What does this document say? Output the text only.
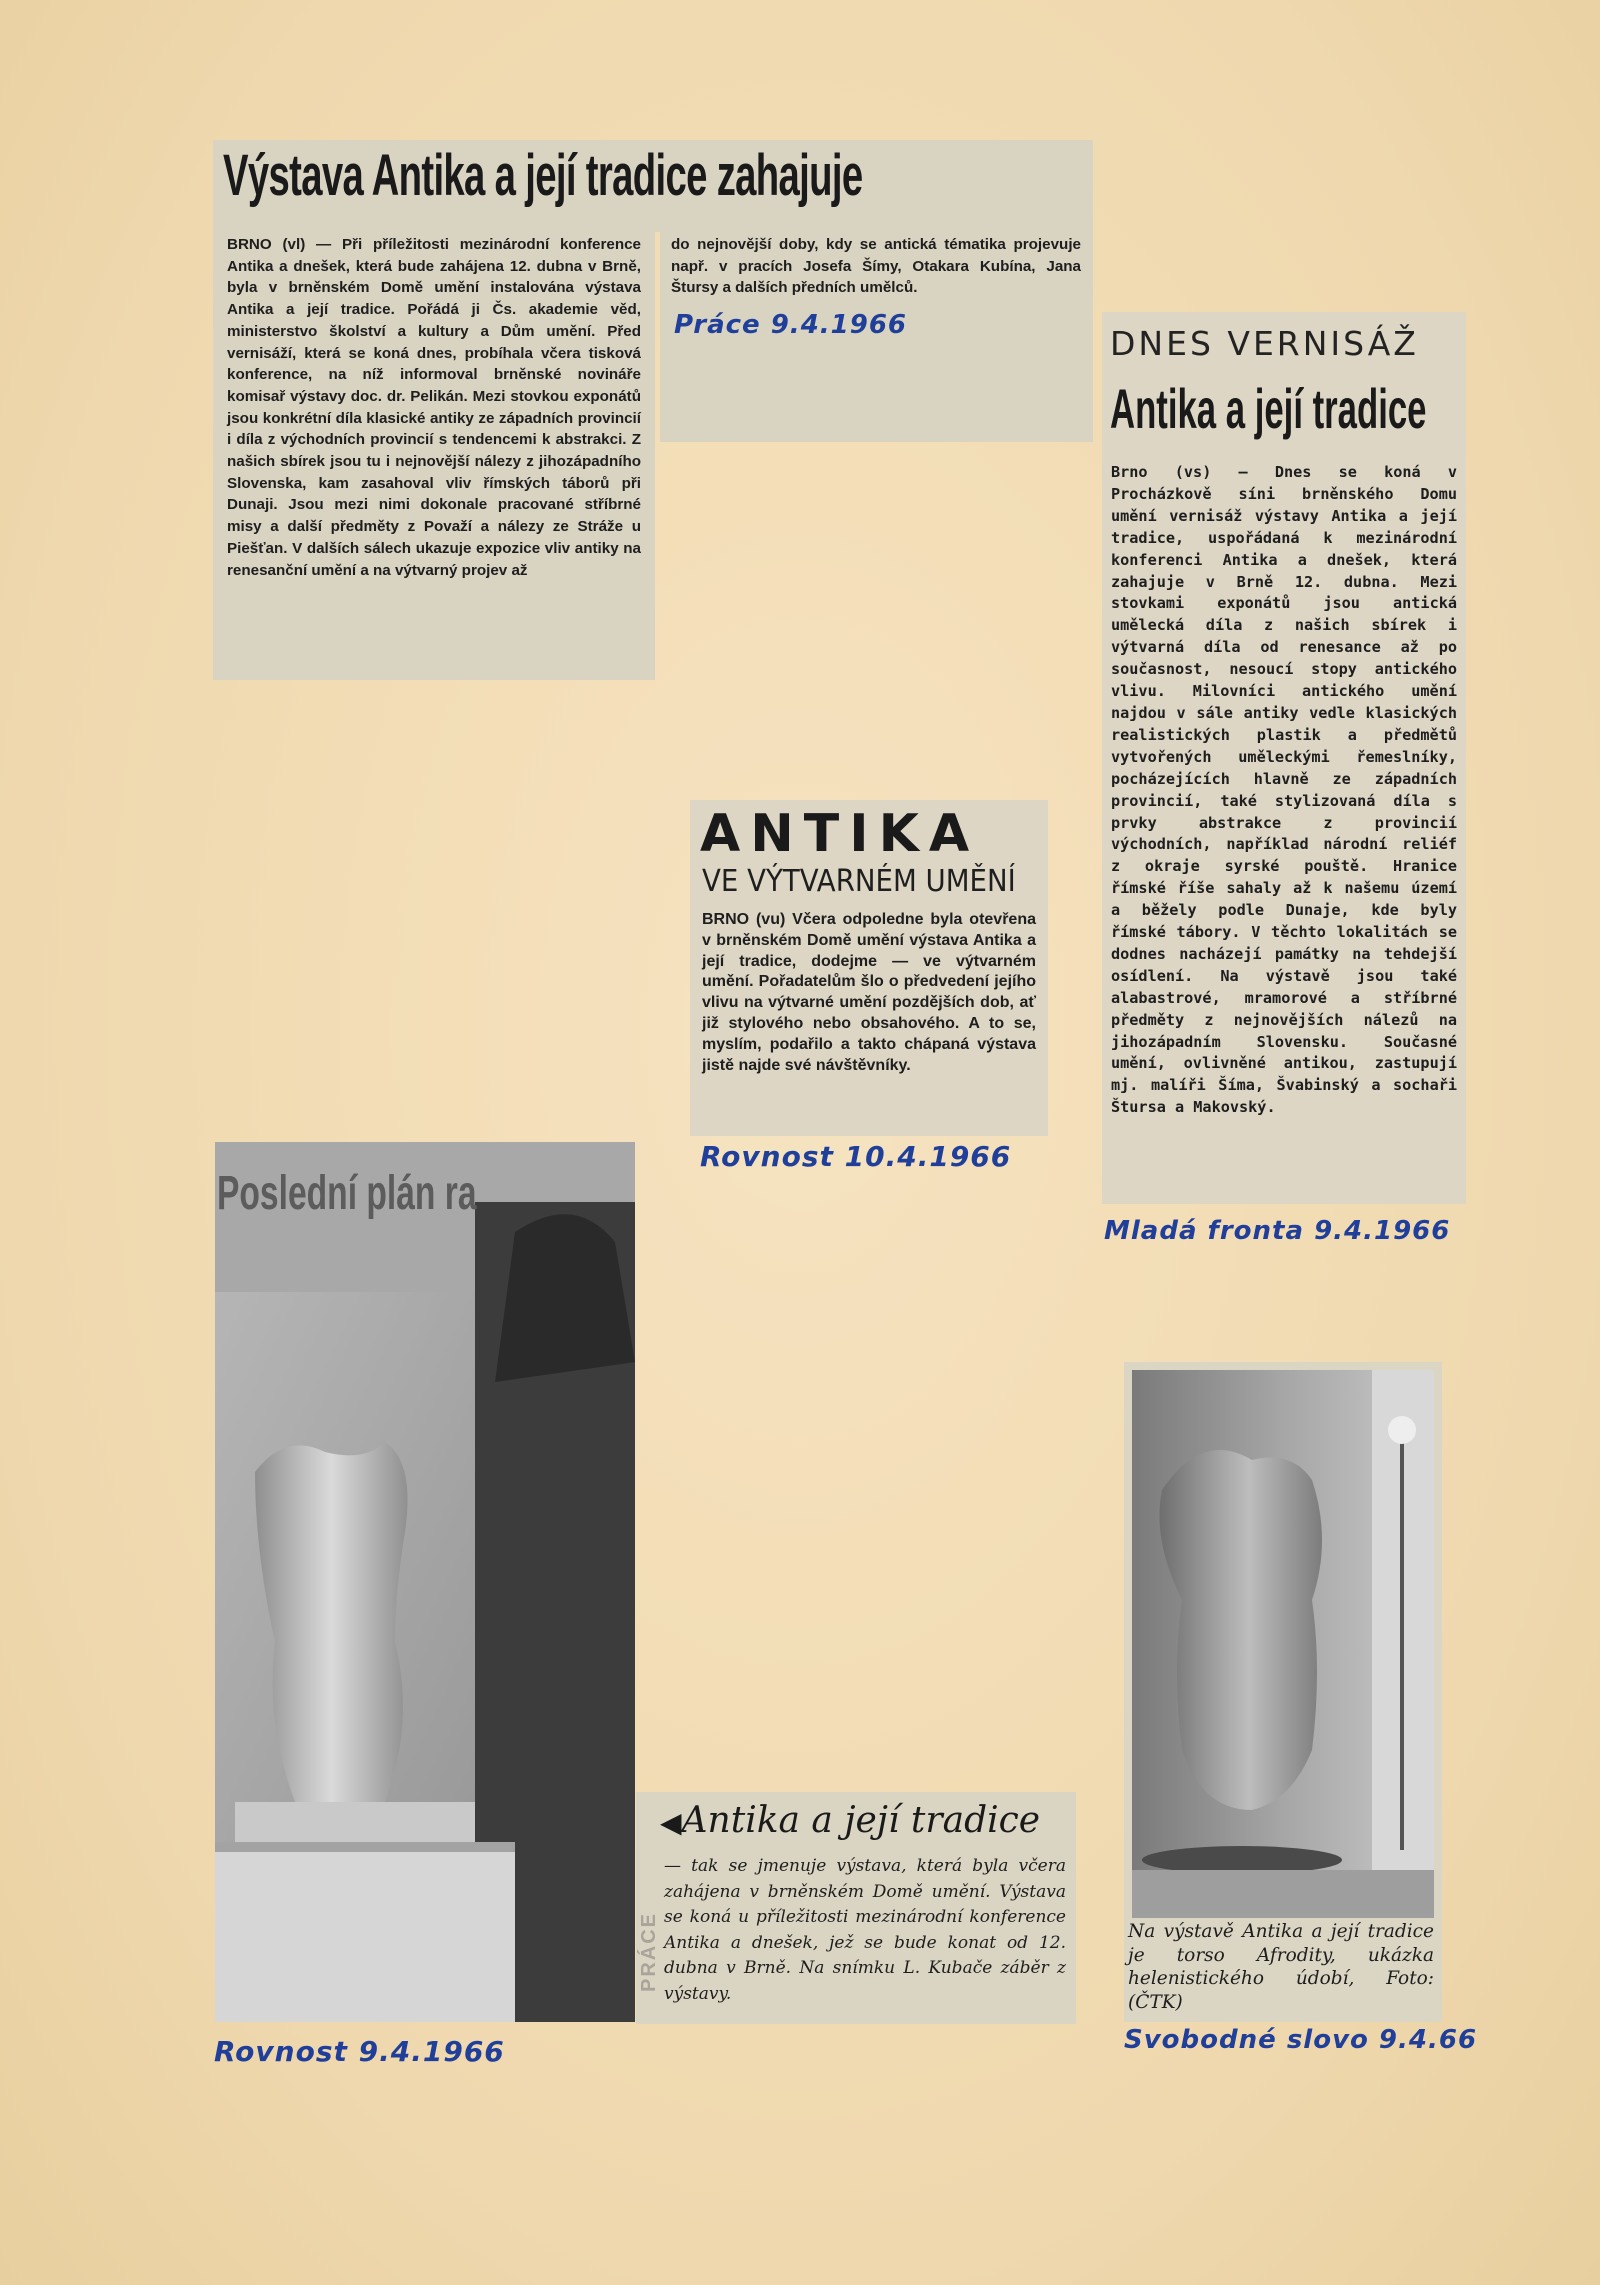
Výstava Antika a její tradice zahajuje
BRNO (vl) — Při příležitosti mezinárodní konference Antika a dnešek, která bude zahájena 12. dubna v Brně, byla v brněnském Domě umění instalována výstava Antika a její tradice. Pořádá ji Čs. akademie věd, ministerstvo školství a kultury a Dům umění. Před vernisáží, která se koná dnes, probíhala včera tisková konference, na níž informoval brněnské novináře komisař výstavy doc. dr. Pelikán. Mezi stovkou exponátů jsou konkrétní díla klasické antiky ze západních provincií i díla z východních provincií s tendencemi k abstrakci. Z našich sbírek jsou tu i nejnovější nálezy z jihozápadního Slovenska, kam zasahoval vliv římských táborů při Dunaji. Jsou mezi nimi dokonale pracované stříbrné misy a další předměty z Považí a nálezy ze Stráže u Piešťan. V dalších sálech ukazuje expozice vliv antiky na renesanční umění a na výtvarný projev až
do nejnovější doby, kdy se antická tématika projevuje např. v pracích Josefa Šímy, Otakara Kubína, Jana Štursy a dalších předních umělců.
Práce 9.4.1966	DNES VERNISÁŽ
Antika a její tradice
Brno (vs) — Dnes se koná v Procházkově síni brněnského Domu umění vernisáž výstavy Antika a její tradice, uspořádaná k mezinárodní konferenci Antika a dnešek, která zahajuje v Brně 12. dubna. Mezi stovkami exponátů jsou antická umělecká díla z našich sbírek i výtvarná díla od renesance až po současnost, nesoucí stopy antického vlivu. Milovníci antického umění najdou v sále antiky vedle klasických realistických plastik a předmětů vytvořených uměleckými řemeslníky, pocházejících hlavně ze západních provincií, také stylizovaná díla s prvky abstrakce z provincií východních, například národní reliéf z okraje syrské pouště. Hranice římské říše sahaly až k našemu území a běžely podle Dunaje, kde byly římské tábory. V těchto lokalitách se dodnes nacházejí památky na tehdejší osídlení. Na výstavě jsou také alabastrové, mramorové a stříbrné předměty z nejnovějších nálezů na jihozápadním Slovensku. Současné umění, ovlivněné antikou, zastupují mj. malíři Šíma, Švabinský a sochaři Štursa a Makovský.
Mladá fronta 9.4.1966
ANTIKA
VE VÝTVARNÉM UMĚNÍ
BRNO (vu) Včera odpoledne byla otevřena v brněnském Domě umění výstava Antika a její tradice, dodejme — ve výtvarném umění. Pořadatelům šlo o předvedení jejího vlivu na výtvarné umění pozdějších dob, ať již stylového nebo obsahového. A to se, myslím, podařilo a takto chápaná výstava jistě najde své návštěvníky.
Rovnost 10.4.1966
Poslední plán ra
Rovnost 9.4.1966
PRÁCE
◀Antika a její tradice
— tak se jmenuje výstava, která byla včera zahájena v brněnském Domě umění. Výstava se koná u příležitosti mezinárodní konference Antika a dnešek, jež se bude konat od 12. dubna v Brně. Na snímku L. Kubače záběr z výstavy.
Na výstavě Antika a její tradice je torso Afrodity, ukázka helenistického údobí, Foto: (ČTK)
Svobodné slovo 9.4.66
